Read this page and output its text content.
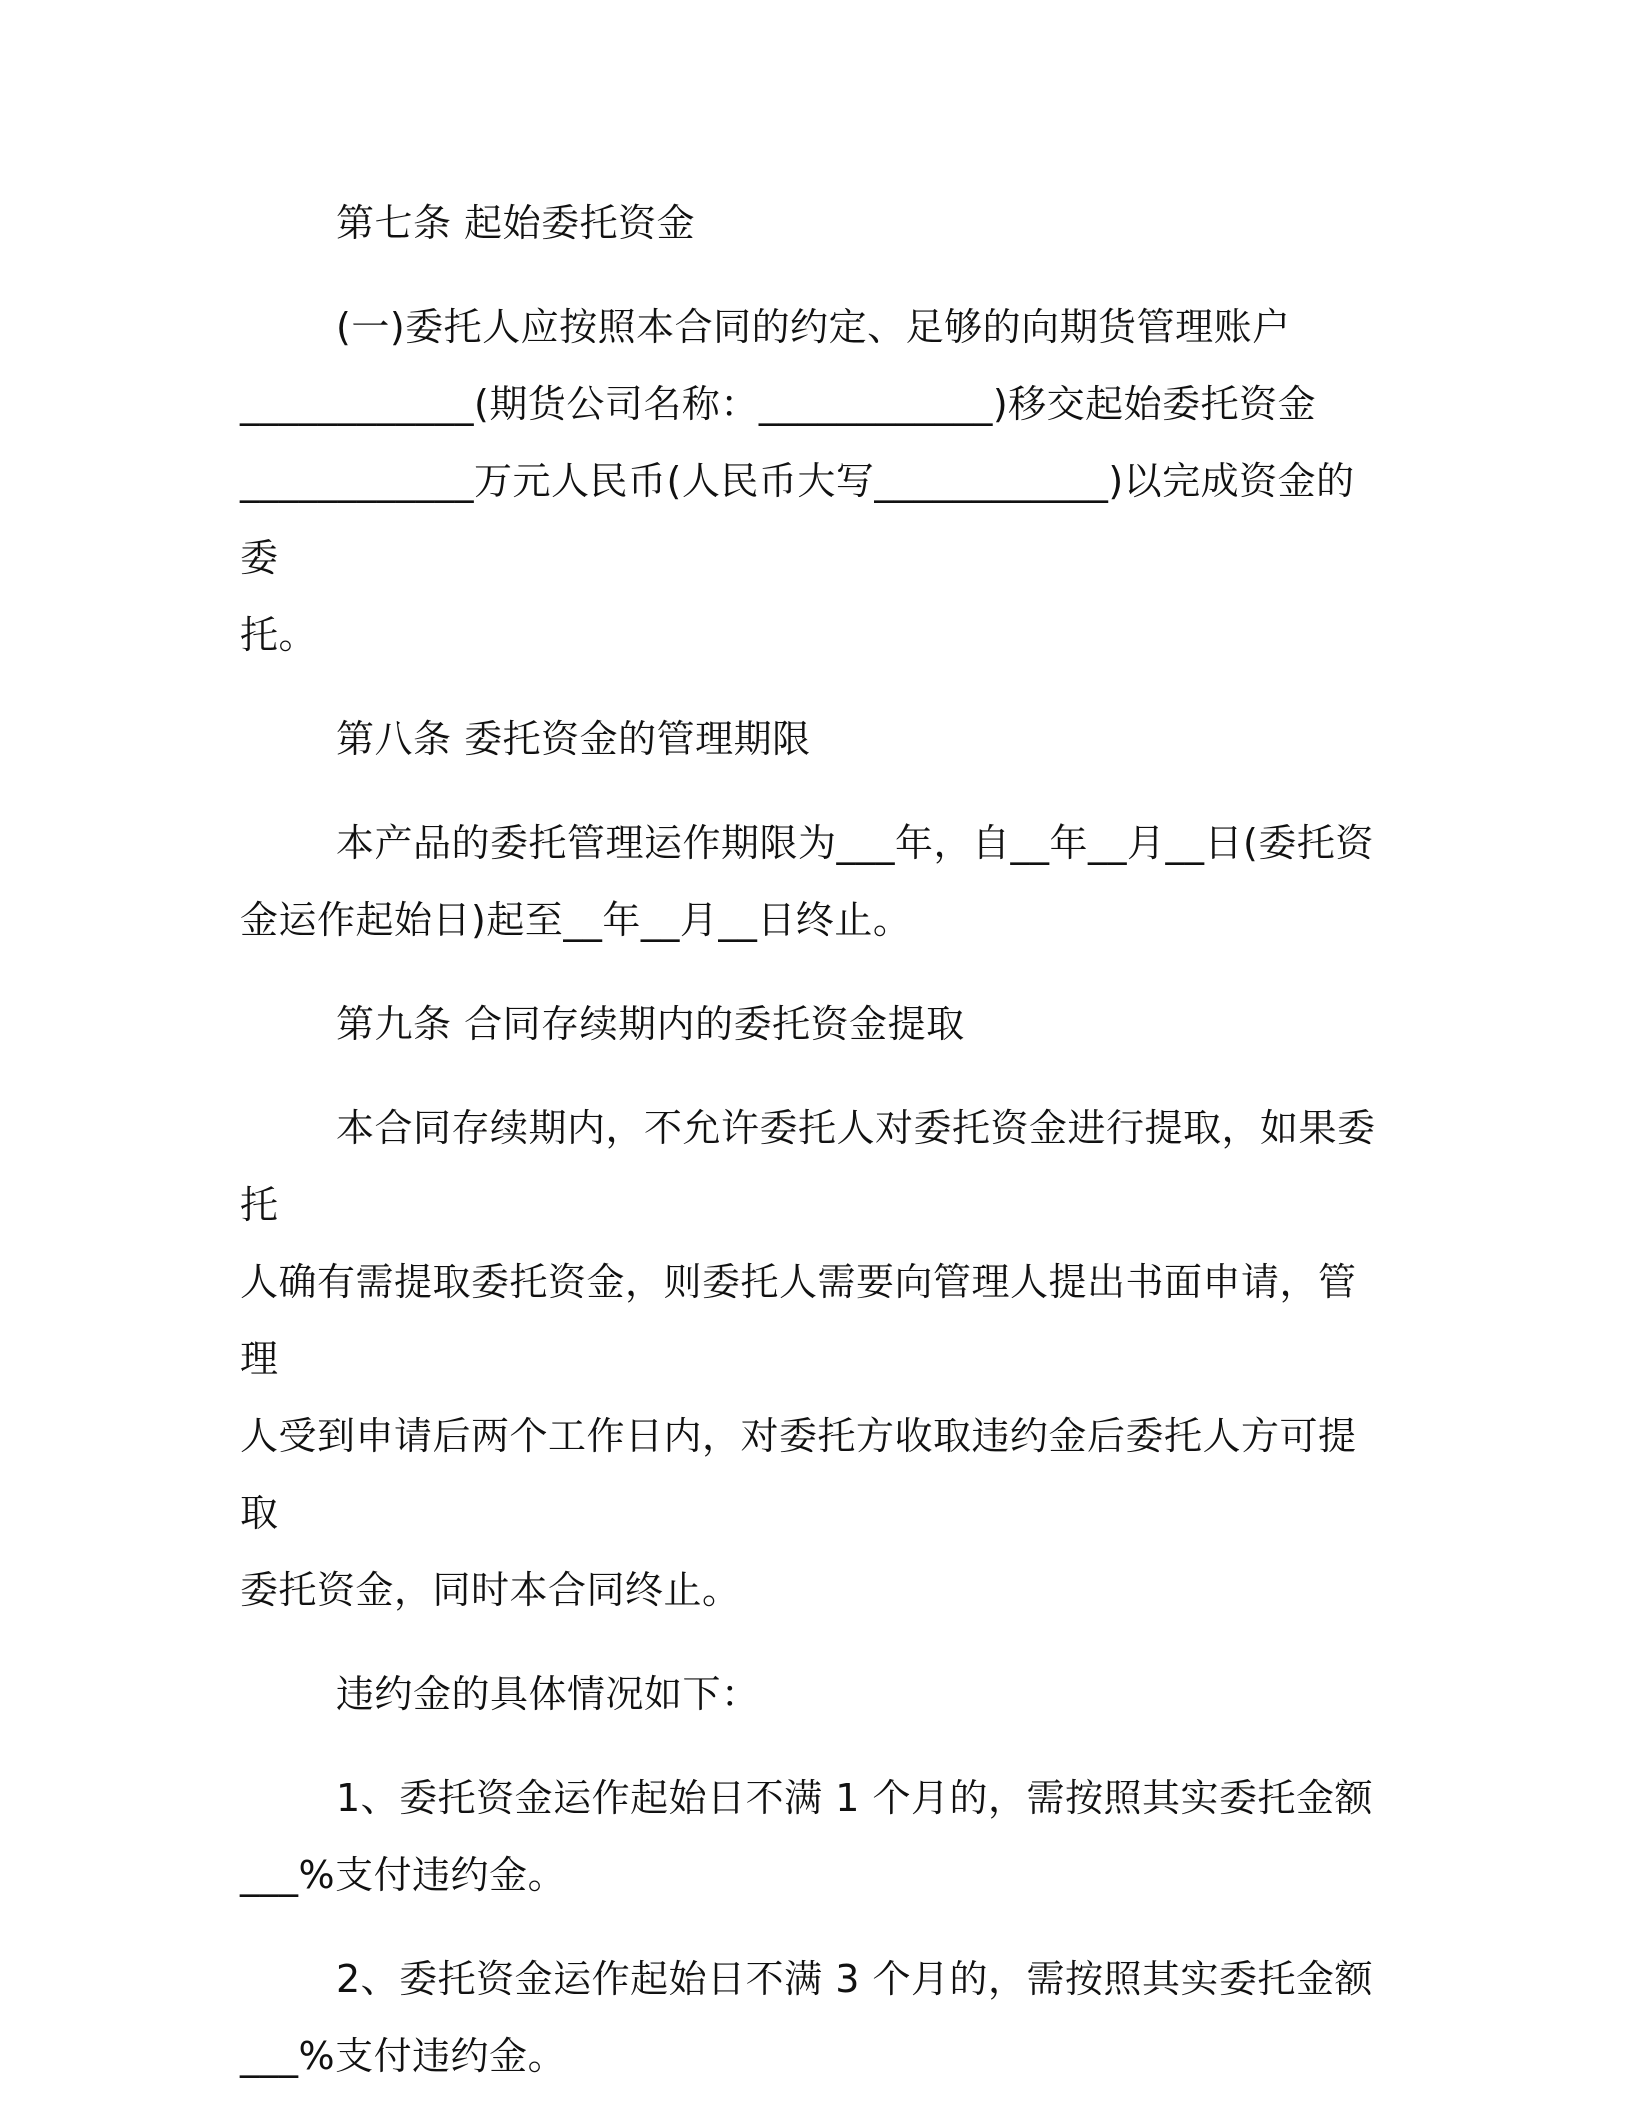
第七条 起始委托资金

(一)委托人应按照本合同的约定、足够的向期货管理账户
____________(期货公司名称：____________)移交起始委托资金
____________万元人民币(人民币大写____________)以完成资金的委
托。

第八条 委托资金的管理期限

本产品的委托管理运作期限为___年，自__年__月__日(委托资
金运作起始日)起至__年__月__日终止。

第九条 合同存续期内的委托资金提取

本合同存续期内，不允许委托人对委托资金进行提取，如果委托
人确有需提取委托资金，则委托人需要向管理人提出书面申请，管理
人受到申请后两个工作日内，对委托方收取违约金后委托人方可提取
委托资金，同时本合同终止。

违约金的具体情况如下：

1、委托资金运作起始日不满 1 个月的，需按照其实委托金额
___%支付违约金。

2、委托资金运作起始日不满 3 个月的，需按照其实委托金额
___%支付违约金。
